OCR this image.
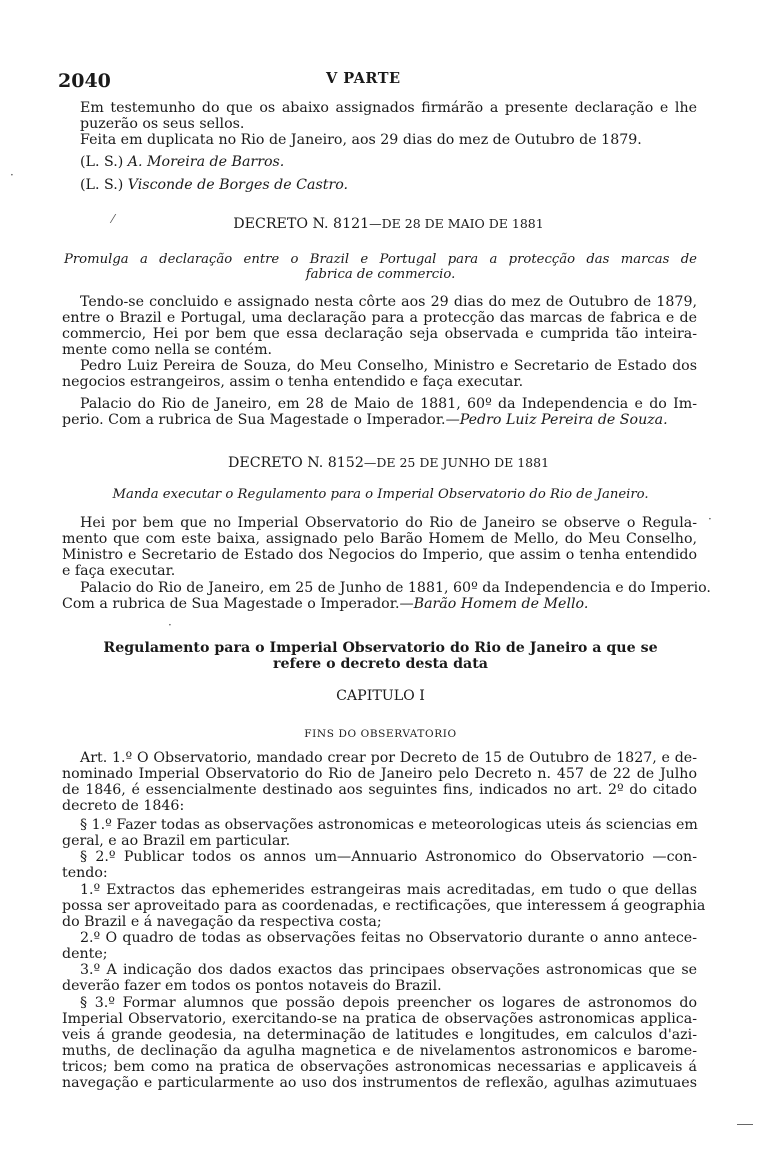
2040	V PARTE
Em testemunho do que os abaixo assignados firmárão a presente declaração e lhe
puzerão os seus sellos.
Feita em duplicata no Rio de Janeiro, aos 29 dias do mez de Outubro de 1879.
(L. S.) A. Moreira de Barros.
(L. S.) Visconde de Borges de Castro.
DECRETO N. 8121—DE 28 DE MAIO DE 1881
Promulga a declaração entre o Brazil e Portugal para a protecção das marcas de
fabrica de commercio.
Tendo-se concluido e assignado nesta côrte aos 29 dias do mez de Outubro de 1879,
entre o Brazil e Portugal, uma declaração para a protecção das marcas de fabrica e de
commercio, Hei por bem que essa declaração seja observada e cumprida tão inteira-
mente como nella se contém.
Pedro Luiz Pereira de Souza, do Meu Conselho, Ministro e Secretario de Estado dos
negocios estrangeiros, assim o tenha entendido e faça executar.
Palacio do Rio de Janeiro, em 28 de Maio de 1881, 60º da Independencia e do Im-
perio. Com a rubrica de Sua Magestade o Imperador.—Pedro Luiz Pereira de Souza.
DECRETO N. 8152—DE 25 DE JUNHO DE 1881
Manda executar o Regulamento para o Imperial Observatorio do Rio de Janeiro.
Hei por bem que no Imperial Observatorio do Rio de Janeiro se observe o Regula-
mento que com este baixa, assignado pelo Barão Homem de Mello, do Meu Conselho,
Ministro e Secretario de Estado dos Negocios do Imperio, que assim o tenha entendido
e faça executar.
Palacio do Rio de Janeiro, em 25 de Junho de 1881, 60º da Independencia e do Imperio.
Com a rubrica de Sua Magestade o Imperador.—Barão Homem de Mello.
Regulamento para o Imperial Observatorio do Rio de Janeiro a que se
refere o decreto desta data
CAPITULO I
FINS DO OBSERVATORIO
Art. 1.º O Observatorio, mandado crear por Decreto de 15 de Outubro de 1827, e de-
nominado Imperial Observatorio do Rio de Janeiro pelo Decreto n. 457 de 22 de Julho
de 1846, é essencialmente destinado aos seguintes fins, indicados no art. 2º do citado
decreto de 1846:
§ 1.º Fazer todas as observações astronomicas e meteorologicas uteis ás sciencias em
geral, e ao Brazil em particular.
§ 2.º Publicar todos os annos um—Annuario Astronomico do Observatorio —con-
tendo:
1.º Extractos das ephemerides estrangeiras mais acreditadas, em tudo o que dellas
possa ser aproveitado para as coordenadas, e rectificações, que interessem á geographia
do Brazil e á navegação da respectiva costa;
2.º O quadro de todas as observações feitas no Observatorio durante o anno antece-
dente;
3.º A indicação dos dados exactos das principaes observações astronomicas que se
deverão fazer em todos os pontos notaveis do Brazil.
§ 3.º Formar alumnos que possão depois preencher os logares de astronomos do
Imperial Observatorio, exercitando-se na pratica de observações astronomicas applica-
veis á grande geodesia, na determinação de latitudes e longitudes, em calculos d'azi-
muths, de declinação da agulha magnetica e de nivelamentos astronomicos e barome-
tricos; bem como na pratica de observações astronomicas necessarias e applicaveis á
navegação e particularmente ao uso dos instrumentos de reflexão, agulhas azimutuaes
·
⁄
·
·
